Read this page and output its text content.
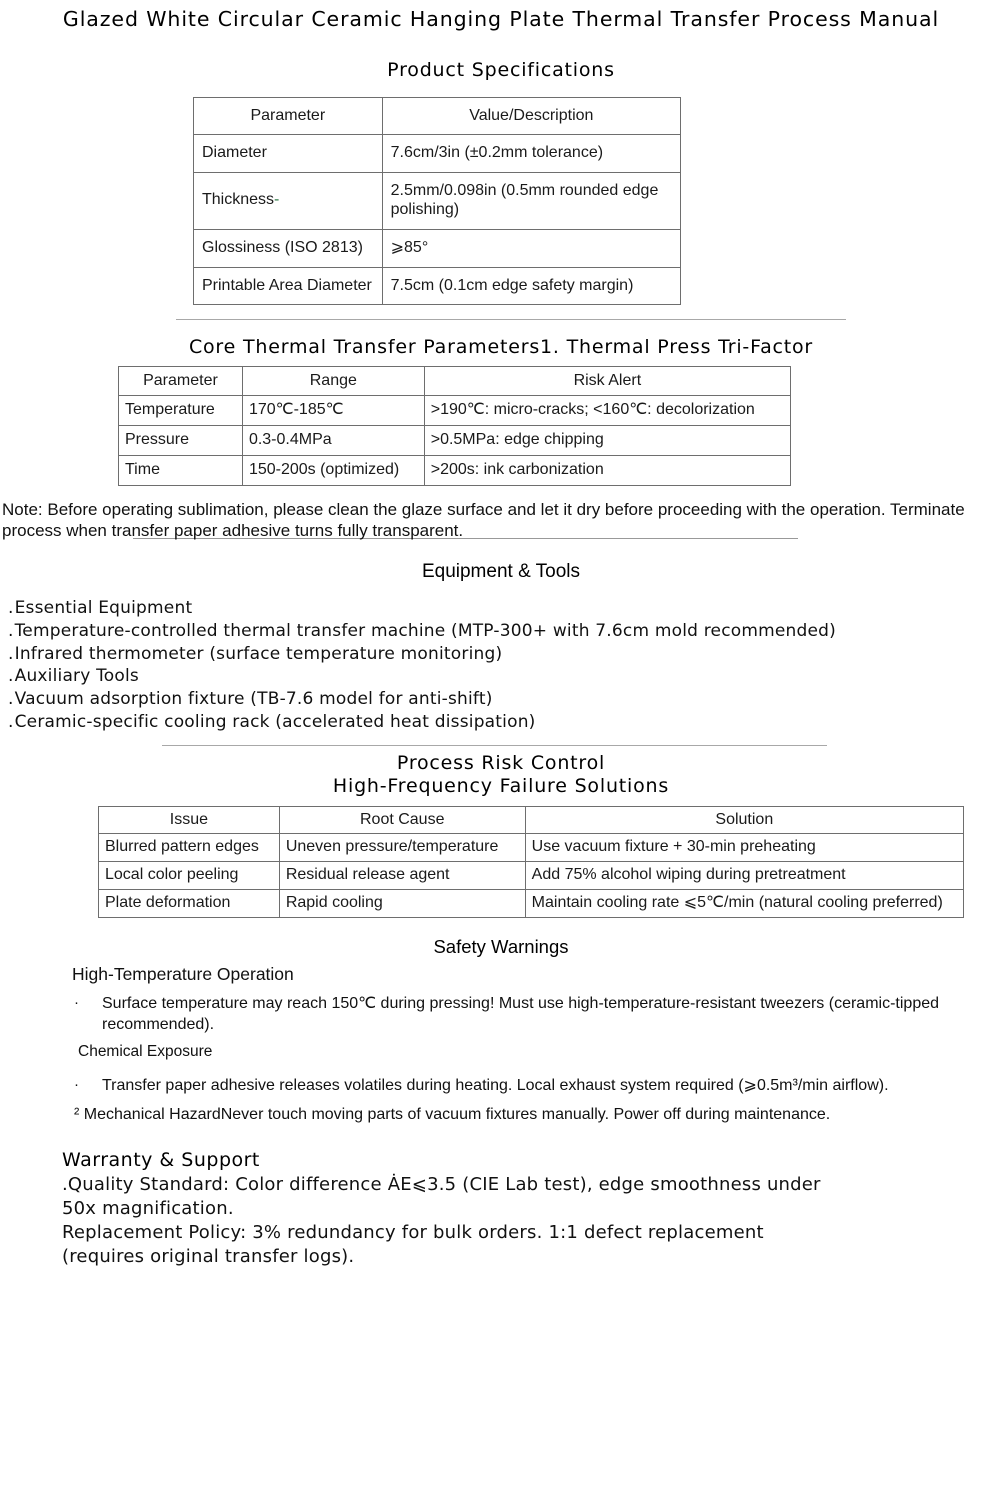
Glazed White Circular Ceramic Hanging Plate Thermal Transfer Process Manual
Product Specifications
Parameter	Value/Description
Diameter	7.6cm/3in (±0.2mm tolerance)
Thickness-	2.5mm/0.098in (0.5mm rounded edge polishing)
Glossiness (ISO 2813)	⩾85°
Printable Area Diameter	7.5cm (0.1cm edge safety margin)
Core Thermal Transfer Parameters1. Thermal Press Tri-Factor
Parameter	Range	Risk Alert
Temperature	170℃-185℃	>190℃: micro-cracks; <160℃: decolorization
Pressure	0.3-0.4MPa	>0.5MPa: edge chipping
Time	150-200s (optimized)	>200s: ink carbonization
Note: Before operating sublimation, please clean the glaze surface and let it dry before proceeding with the operation. Terminate process when transfer paper adhesive turns fully transparent.
Equipment & Tools
. Essential Equipment
. Temperature-controlled thermal transfer machine (MTP-300+ with 7.6cm mold recommended)
. Infrared thermometer (surface temperature monitoring)
. Auxiliary Tools
. Vacuum adsorption fixture (TB-7.6 model for anti-shift)
. Ceramic-specific cooling rack (accelerated heat dissipation)
Process Risk Control
High-Frequency Failure Solutions
Issue	Root Cause	Solution
Blurred pattern edges	Uneven pressure/temperature	Use vacuum fixture + 30-min preheating
Local color peeling	Residual release agent	Add 75% alcohol wiping during pretreatment
Plate deformation	Rapid cooling	Maintain cooling rate ⩽5℃/min (natural cooling preferred)
Safety Warnings
High-Temperature Operation
· Surface temperature may reach 150℃ during pressing! Must use high-temperature-resistant tweezers (ceramic-tipped recommended).
Chemical Exposure
· Transfer paper adhesive releases volatiles during heating. Local exhaust system required (⩾0.5m³/min airflow).
² Mechanical HazardNever touch moving parts of vacuum fixtures manually. Power off during maintenance.
Warranty & Support
.Quality Standard: Color difference ȦE⩽3.5 (CIE Lab test), edge smoothness under
50x magnification.
Replacement Policy: 3% redundancy for bulk orders. 1:1 defect replacement
(requires original transfer logs).
